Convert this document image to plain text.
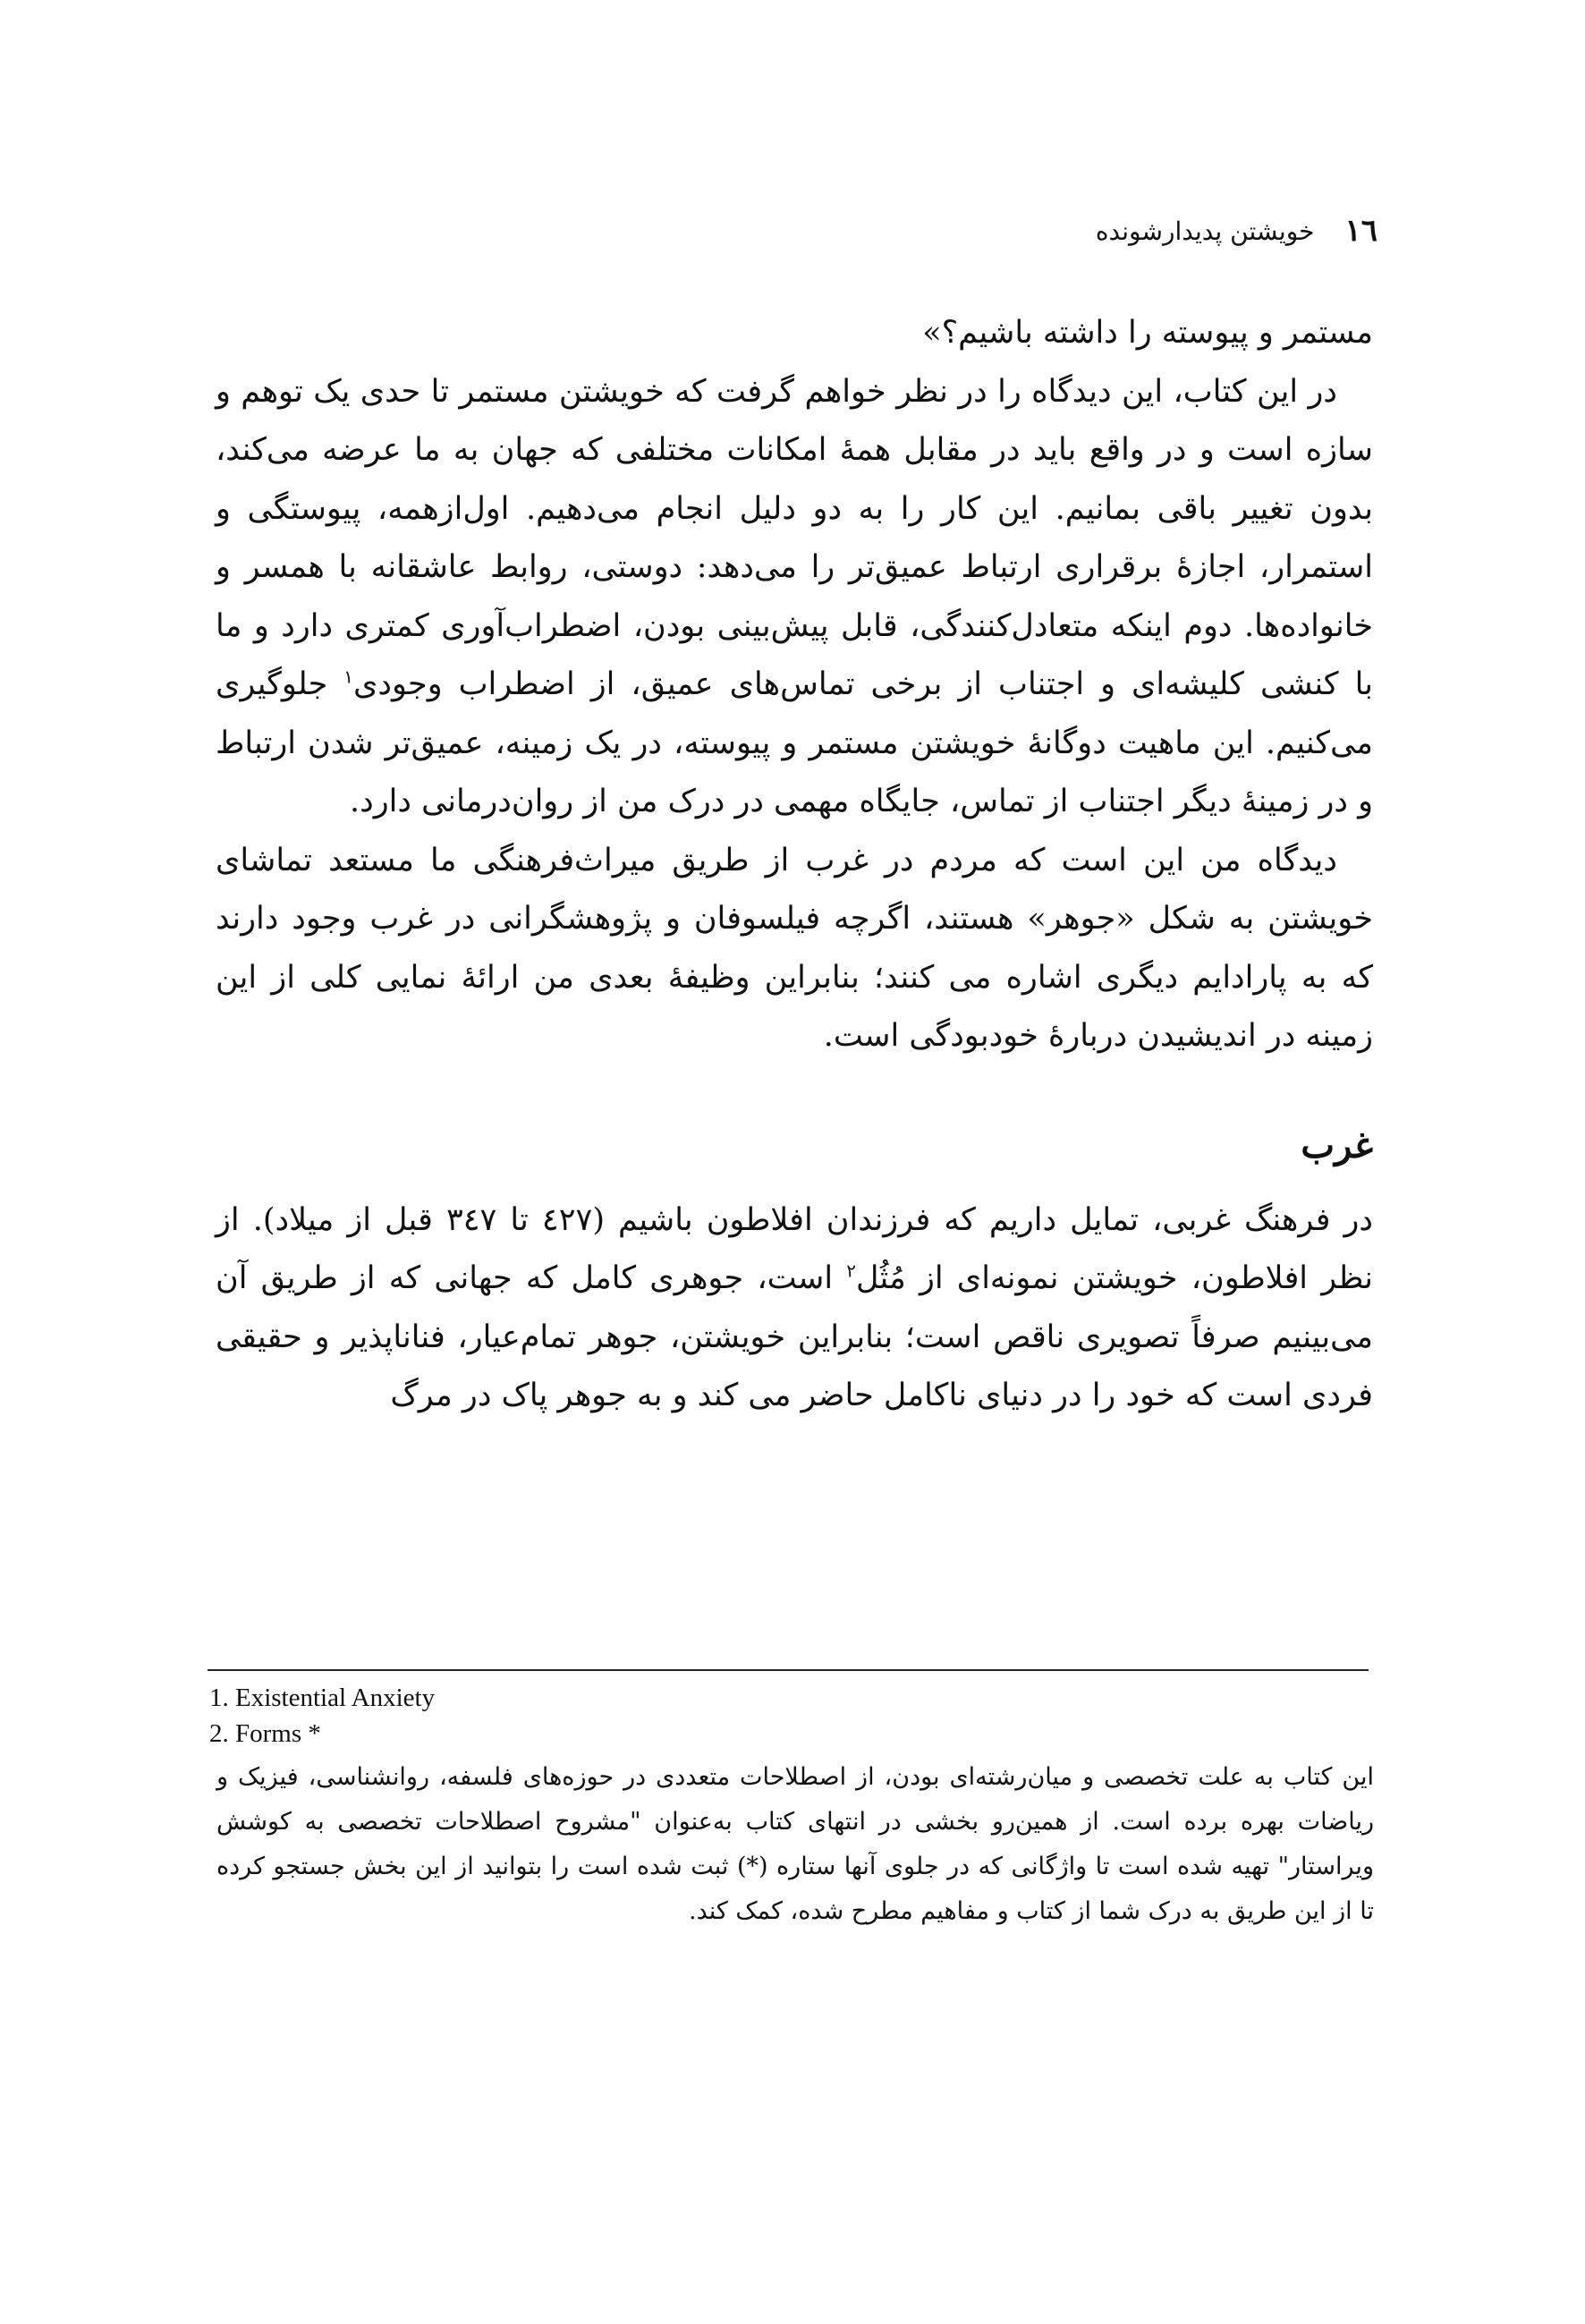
١٦
خویشتن پدیدارشونده

مستمر و پیوسته را داشته باشیم؟»

در این کتاب، این دیدگاه را در نظر خواهم گرفت که خویشتن مستمر تا حدی یک توهم و سازه است و در واقع باید در مقابل همهٔ امکانات مختلفی که جهان به ما عرضه می‌کند، بدون تغییر باقی بمانیم. این کار را به دو دلیل انجام می‌دهیم. اول‌ازهمه، پیوستگی و استمرار، اجازهٔ برقراری ارتباط عمیق‌تر را می‌دهد: دوستی، روابط عاشقانه با همسر و خانواده‌ها. دوم اینکه متعادل‌کنندگی، قابل پیش‌بینی بودن، اضطراب‌آوری کمتری دارد و ما با کنشی کلیشه‌ای و اجتناب از برخی تماس‌های عمیق، از اضطراب وجودی$^١$ جلوگیری می‌کنیم. این ماهیت دوگانهٔ خویشتن مستمر و پیوسته، در یک زمینه، عمیق‌تر شدن ارتباط و در زمینهٔ دیگر اجتناب از تماس، جایگاه مهمی در درک من از روان‌درمانی دارد.

دیدگاه من این است که مردم در غرب از طریق میراث‌فرهنگی ما مستعد تماشای خویشتن به شکل «جوهر» هستند، اگرچه فیلسوفان و پژوهشگرانی در غرب وجود دارند که به پارادایم دیگری اشاره می کنند؛ بنابراین وظیفهٔ بعدی من ارائهٔ نمایی کلی از این زمینه در اندیشیدن دربارهٔ خودبودگی است.

غرب

در فرهنگ غربی، تمایل داریم که فرزندان افلاطون باشیم (٤٢٧ تا ٣٤٧ قبل از میلاد). از نظر افلاطون، خویشتن نمونه‌ای از مُثُل$^٢$ است، جوهری کامل که جهانی که از طریق آن می‌بینیم صرفاً تصویری ناقص است؛ بنابراین خویشتن، جوهر تمام‌عیار، فناناپذیر و حقیقی فردی است که خود را در دنیای ناکامل حاضر می کند و به جوهر پاک در مرگ

1. Existential Anxiety
2. Forms *
این کتاب به علت تخصصی و میان‌رشته‌ای بودن، از اصطلاحات متعددی در حوزه‌های فلسفه، روانشناسی، فیزیک و ریاضات بهره برده است. از همین‌رو بخشی در انتهای کتاب به‌عنوان "مشروح اصطلاحات تخصصی به کوشش ویراستار" تهیه شده است تا واژگانی که در جلوی آنها ستاره (*) ثبت شده است را بتوانید از این بخش جستجو کرده تا از این طریق به درک شما از کتاب و مفاهیم مطرح شده، کمک کند.
